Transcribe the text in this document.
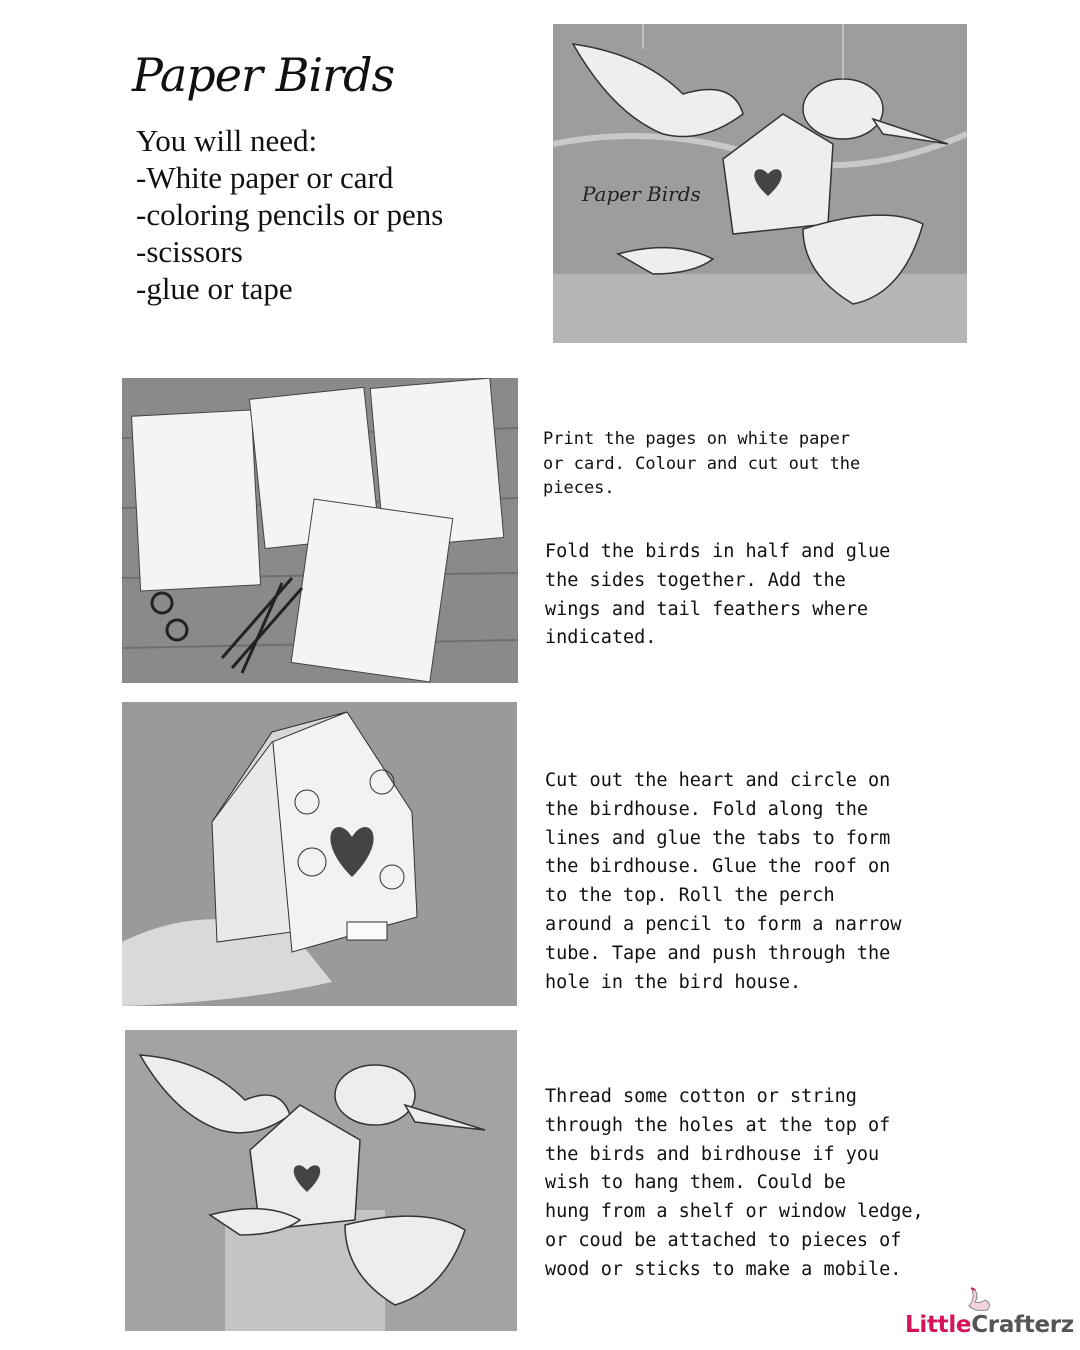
Paper Birds
You will need:
-White paper or card
-coloring pencils or pens
-scissors
-glue or tape
Paper Birds
Print the pages on white paper
or card. Colour and cut out the
pieces.
Fold the birds in half and glue
the sides together. Add the
wings and tail feathers where
indicated.
Cut out the heart and circle on
the birdhouse. Fold along the
lines and glue the tabs to form
the birdhouse. Glue the roof on
to the top. Roll the perch
around a pencil to form a narrow
tube. Tape and push through the
hole in the bird house.
Thread some cotton or string
through the holes at the top of
the birds and birdhouse if you
wish to hang them. Could be
hung from a shelf or window ledge,
or coud be attached to pieces of
wood or sticks to make a mobile.
LittleCrafterz
